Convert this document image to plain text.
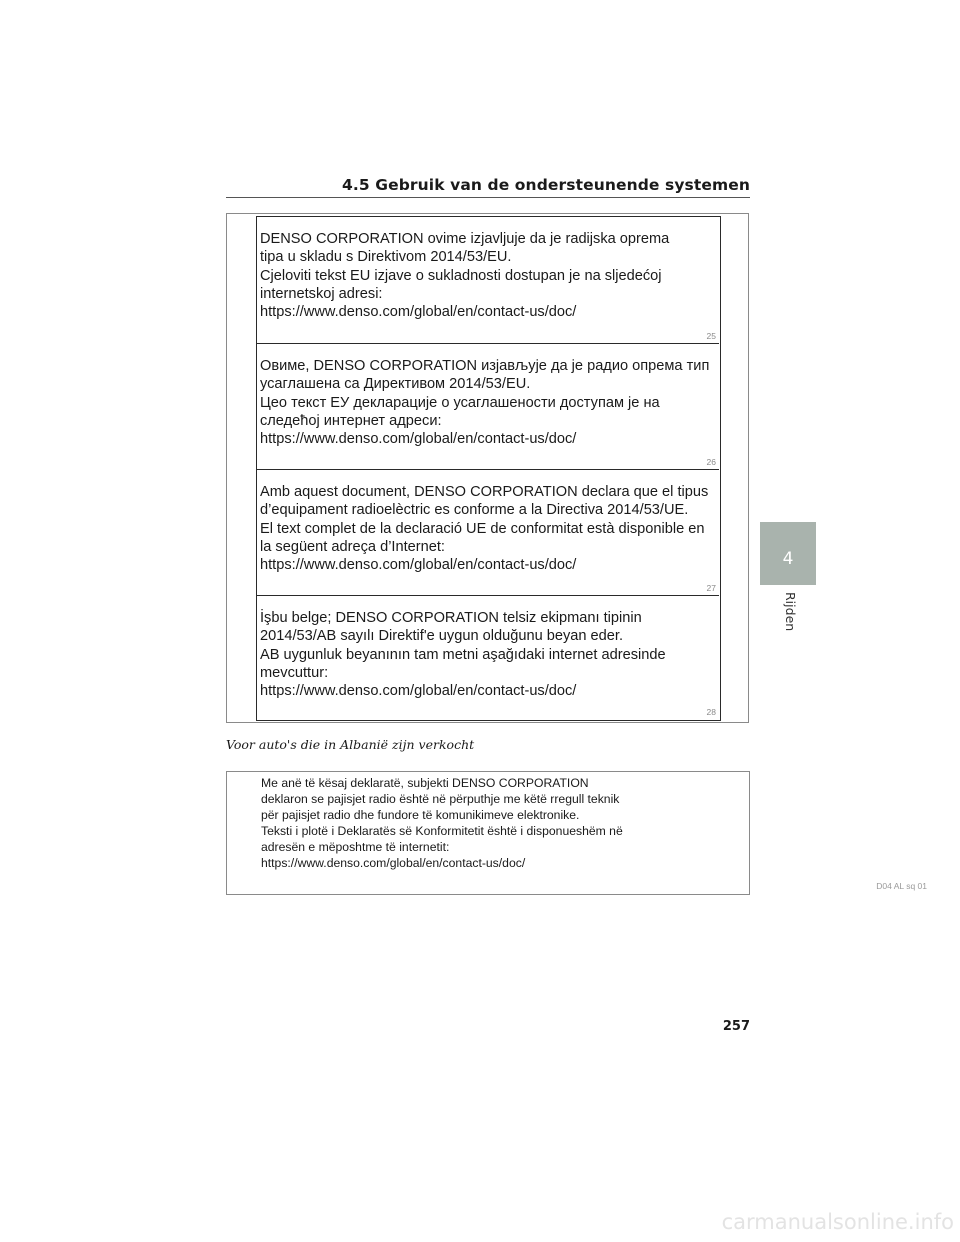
4.5 Gebruik van de ondersteunende systemen
4
Rijden

DENSO CORPORATION ovime izjavljuje da je radijska oprema

tipa u skladu s Direktivom 2014/53/EU.

Cjeloviti tekst EU izjave o sukladnosti dostupan je na sljedećoj

internetskoj adresi:

https://www.denso.com/global/en/contact-us/doc/

25

Овиме, DENSO CORPORATION изјављује да је радио опрема тип

усаглашена са Директивом 2014/53/EU.

Цео текст ЕУ декларације о усаглашености доступам је на

следећој интернет адреси:

https://www.denso.com/global/en/contact-us/doc/

26

Amb aquest document, DENSO CORPORATION declara que el tipus

d’equipament radioelèctric es conforme a la Directiva 2014/53/UE.

El text complet de la declaració UE de conformitat està disponible en

la següent adreça d’Internet:

https://www.denso.com/global/en/contact-us/doc/

27

İşbu belge; DENSO CORPORATION telsiz ekipmanı tipinin

2014/53/AB sayılı Direktif'e uygun olduğunu beyan eder.

AB uygunluk beyanının tam metni aşağıdaki internet adresinde

mevcuttur:

https://www.denso.com/global/en/contact-us/doc/

28
Voor auto's die in Albanië zijn verkocht

Me anë të kësaj deklaratë, subjekti DENSO CORPORATION

deklaron se pajisjet radio është në përputhje me këtë rregull teknik

për pajisjet radio dhe fundore të komunikimeve elektronike.

Teksti i plotë i Deklaratës së Konformitetit është i disponueshëm në

adresën e mëposhtme të internetit:

https://www.denso.com/global/en/contact-us/doc/

D04 AL sq 01
257
carmanualsonline.info
